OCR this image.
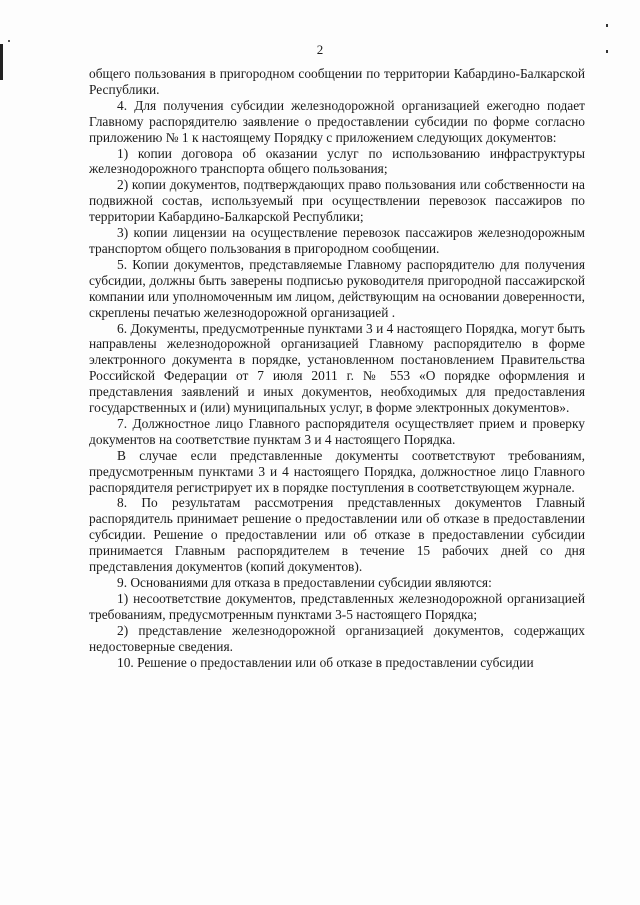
2

общего пользования в пригородном сообщении по территории Кабардино-Балкарской Республики.

4. Для получения субсидии железнодорожной организацией ежегодно подает Главному распорядителю заявление о предоставлении субсидии по форме согласно приложению № 1 к настоящему Порядку с приложением следующих документов:

1) копии договора об оказании услуг по использованию инфраструктуры железнодорожного транспорта общего пользования;

2) копии документов, подтверждающих право пользования или собственности на подвижной состав, используемый при осуществлении перевозок пассажиров по территории Кабардино-Балкарской Республики;

3) копии лицензии на осуществление перевозок пассажиров железнодорожным транспортом общего пользования в пригородном сообщении.

5. Копии документов, представляемые Главному распорядителю для получения субсидии, должны быть заверены подписью руководителя пригородной пассажирской компании или уполномоченным им лицом, действующим на основании доверенности, скреплены печатью железнодорожной организацией .

6. Документы, предусмотренные пунктами 3 и 4 настоящего Порядка, могут быть направлены железнодорожной организацией Главному распорядителю в форме электронного документа в порядке, установленном постановлением Правительства Российской Федерации от 7 июля 2011 г. № 553 «О порядке оформления и представления заявлений и иных документов, необходимых для предоставления государственных и (или) муниципальных услуг, в форме электронных документов».

7. Должностное лицо Главного распорядителя осуществляет прием и проверку документов на соответствие пунктам 3 и 4 настоящего Порядка.

В случае если представленные документы соответствуют требованиям, предусмотренным пунктами 3 и 4 настоящего Порядка, должностное лицо Главного распорядителя регистрирует их в порядке поступления в соответствующем журнале.

8. По результатам рассмотрения представленных документов Главный распорядитель принимает решение о предоставлении или об отказе в предоставлении субсидии. Решение о предоставлении или об отказе в предоставлении субсидии принимается Главным распорядителем в течение 15 рабочих дней со дня представления документов (копий документов).

9. Основаниями для отказа в предоставлении субсидии являются:

1) несоответствие документов, представленных железнодорожной организацией требованиям, предусмотренным пунктами 3-5 настоящего Порядка;

2) представление железнодорожной организацией документов, содержащих недостоверные сведения.

10. Решение о предоставлении или об отказе в предоставлении субсидии
